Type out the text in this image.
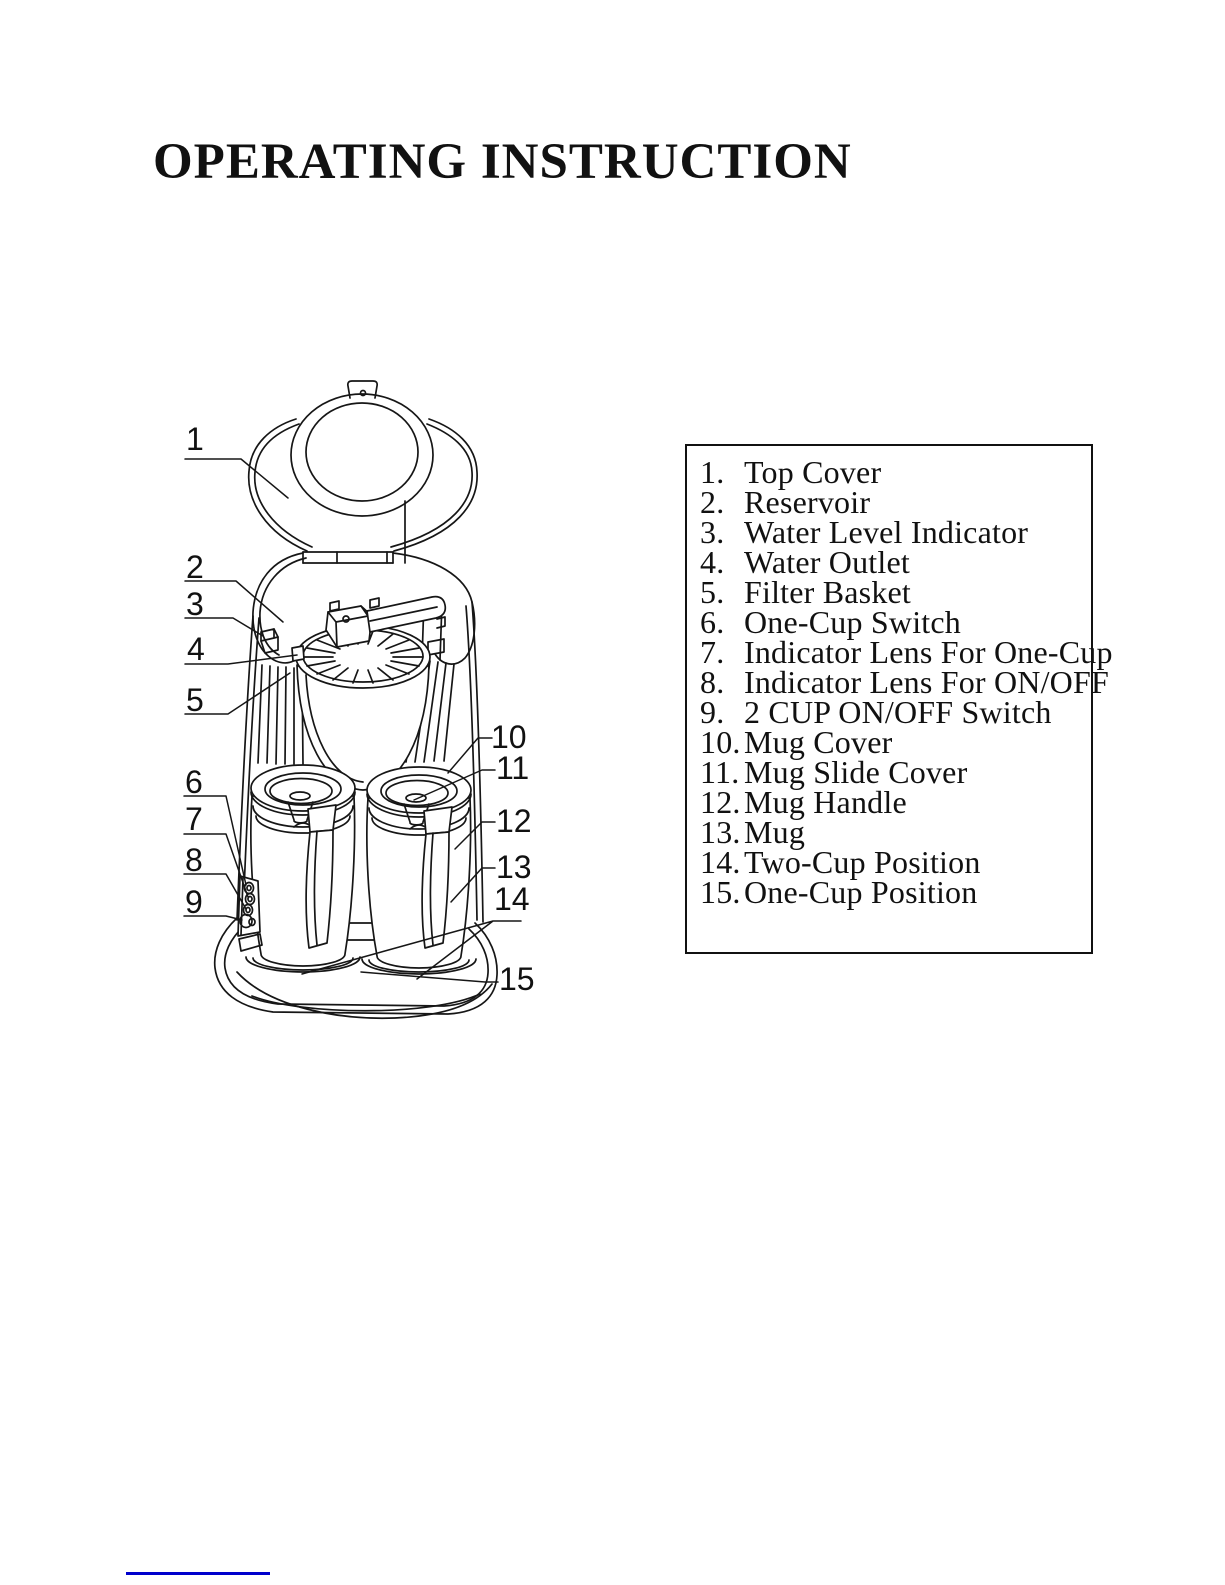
OPERATING INSTRUCTION
1
2
3
4
5
6
7
8
9
10
11
12
13
14
15
1. Top Cover
2. Reservoir
3. Water Level Indicator
4. Water Outlet
5. Filter Basket
6. One-Cup Switch
7. Indicator Lens For One-Cup
8. Indicator Lens For ON/OFF
9. 2 CUP ON/OFF Switch
10. Mug Cover
11. Mug Slide Cover
12. Mug Handle
13. Mug
14. Two-Cup Position
15. One-Cup Position
